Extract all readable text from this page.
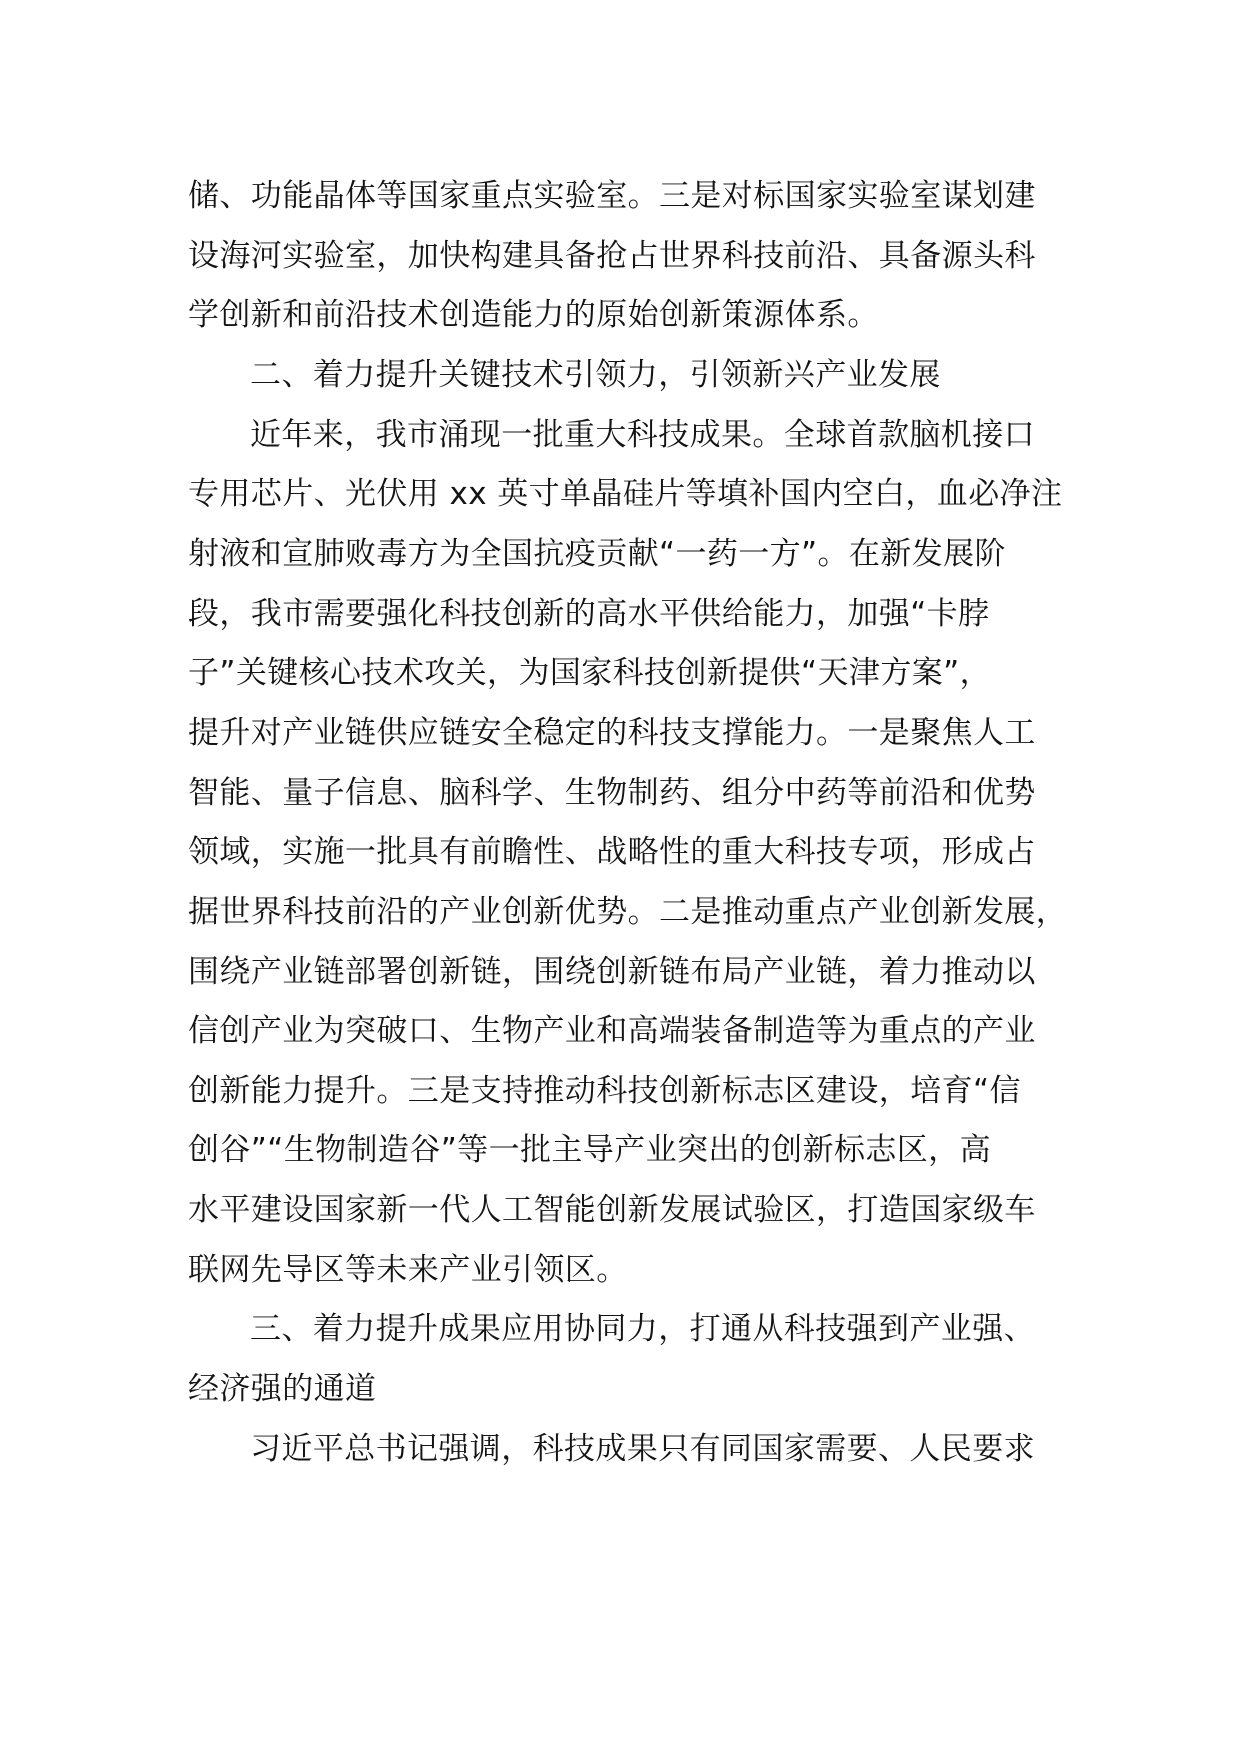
储、功能晶体等国家重点实验室。三是对标国家实验室谋划建
设海河实验室，加快构建具备抢占世界科技前沿、具备源头科
学创新和前沿技术创造能力的原始创新策源体系。
二、着力提升关键技术引领力，引领新兴产业发展
近年来，我市涌现一批重大科技成果。全球首款脑机接口
专用芯片、光伏用 xx 英寸单晶硅片等填补国内空白，血必净注
射液和宣肺败毒方为全国抗疫贡献“一药一方”。在新发展阶
段，我市需要强化科技创新的高水平供给能力，加强“卡脖
子”关键核心技术攻关，为国家科技创新提供“天津方案”，
提升对产业链供应链安全稳定的科技支撑能力。一是聚焦人工
智能、量子信息、脑科学、生物制药、组分中药等前沿和优势
领域，实施一批具有前瞻性、战略性的重大科技专项，形成占
据世界科技前沿的产业创新优势。二是推动重点产业创新发展，
围绕产业链部署创新链，围绕创新链布局产业链，着力推动以
信创产业为突破口、生物产业和高端装备制造等为重点的产业
创新能力提升。三是支持推动科技创新标志区建设，培育“信
创谷”“生物制造谷”等一批主导产业突出的创新标志区，高
水平建设国家新一代人工智能创新发展试验区，打造国家级车
联网先导区等未来产业引领区。
三、着力提升成果应用协同力，打通从科技强到产业强、
经济强的通道
习近平总书记强调，科技成果只有同国家需要、人民要求
